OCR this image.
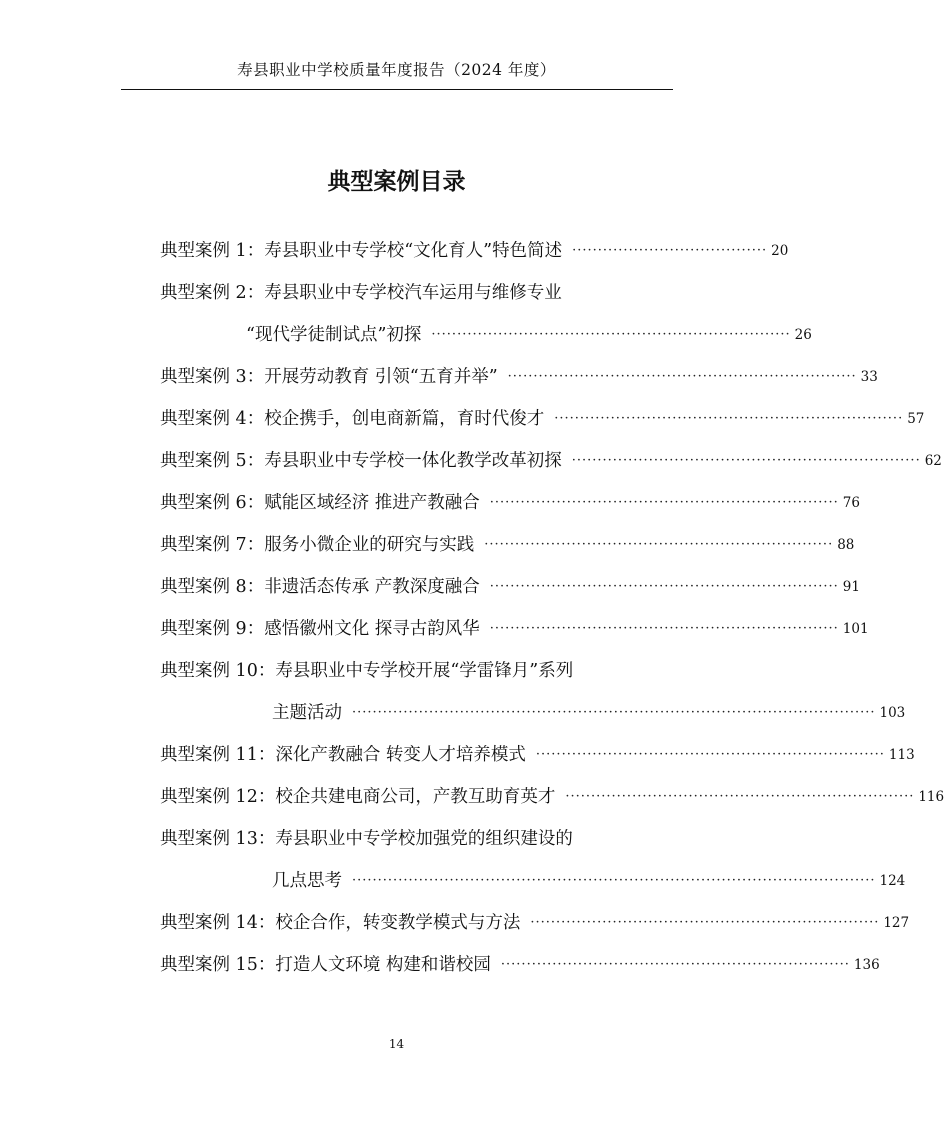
寿县职业中学校质量年度报告（2024 年度）
典型案例目录
典型案例 1： 寿县职业中专学校“文化育人”特色简述 ······································ 20
典型案例 2： 寿县职业中专学校汽车运用与维修专业
“现代学徒制试点”初探 ······································································ 26
典型案例 3： 开展劳动教育 引领“五育并举” ···································································· 33
典型案例 4： 校企携手，创电商新篇，育时代俊才 ···································································· 57
典型案例 5： 寿县职业中专学校一体化教学改革初探 ···································································· 62
典型案例 6： 赋能区域经济 推进产教融合 ···································································· 76
典型案例 7： 服务小微企业的研究与实践 ···································································· 88
典型案例 8： 非遗活态传承 产教深度融合 ···································································· 91
典型案例 9： 感悟徽州文化 探寻古韵风华 ···································································· 101
典型案例 10： 寿县职业中专学校开展“学雷锋月”系列
主题活动 ······································································································ 103
典型案例 11： 深化产教融合 转变人才培养模式 ···································································· 113
典型案例 12： 校企共建电商公司，产教互助育英才 ···································································· 116
典型案例 13： 寿县职业中专学校加强党的组织建设的
几点思考 ······································································································ 124
典型案例 14： 校企合作，转变教学模式与方法 ···································································· 127
典型案例 15： 打造人文环境 构建和谐校园 ···································································· 136
14
